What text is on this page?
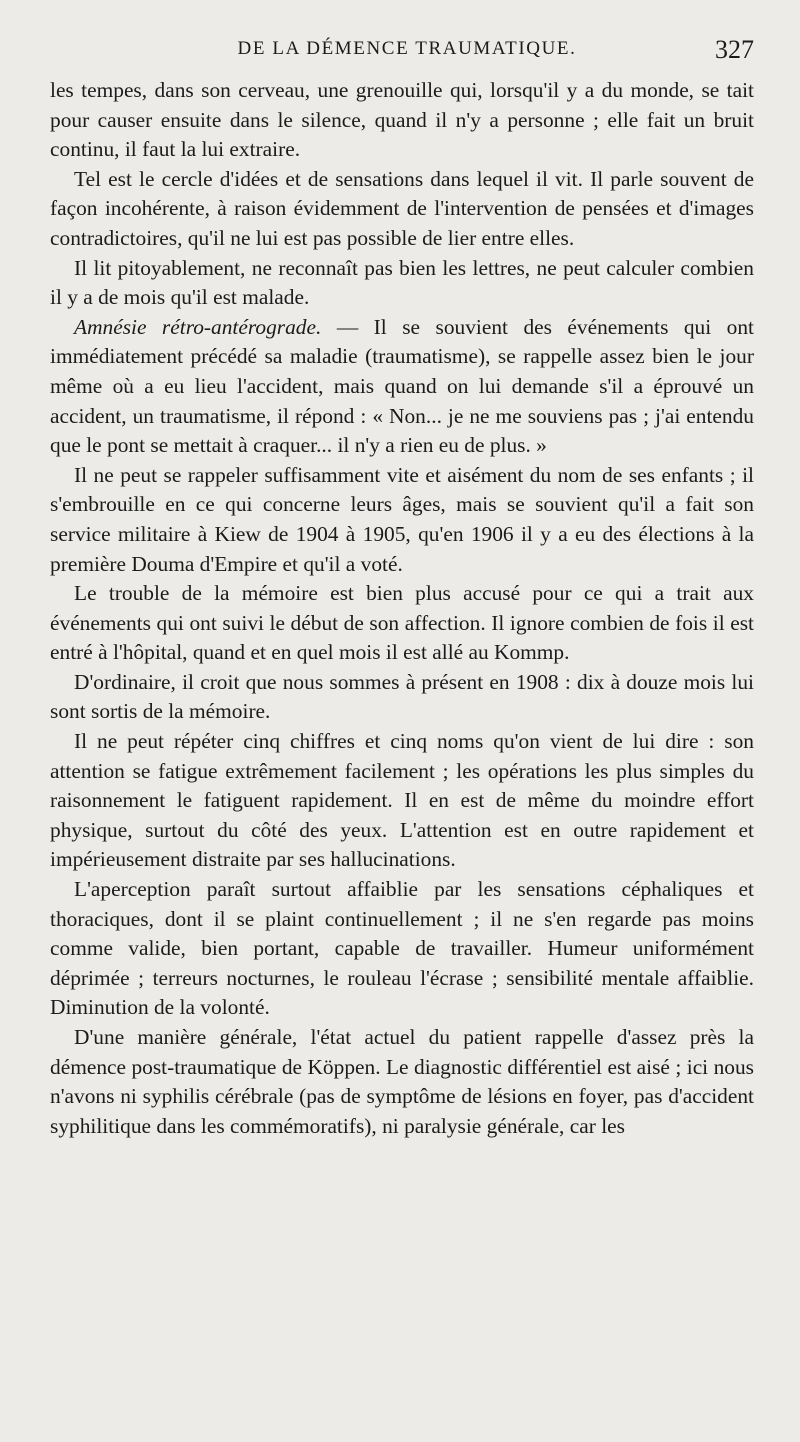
DE LA DÉMENCE TRAUMATIQUE.	327

les tempes, dans son cerveau, une grenouille qui, lorsqu'il y a du monde, se tait pour causer ensuite dans le silence, quand il n'y a personne ; elle fait un bruit continu, il faut la lui extraire.

Tel est le cercle d'idées et de sensations dans lequel il vit. Il parle souvent de façon incohérente, à raison évidemment de l'intervention de pensées et d'images contradictoires, qu'il ne lui est pas possible de lier entre elles.

Il lit pitoyablement, ne reconnaît pas bien les lettres, ne peut calculer combien il y a de mois qu'il est malade.

Amnésie rétro-antérograde. — Il se souvient des événements qui ont immédiatement précédé sa maladie (traumatisme), se rappelle assez bien le jour même où a eu lieu l'accident, mais quand on lui demande s'il a éprouvé un accident, un traumatisme, il répond : « Non... je ne me souviens pas ; j'ai entendu que le pont se mettait à craquer... il n'y a rien eu de plus. »

Il ne peut se rappeler suffisamment vite et aisément du nom de ses enfants ; il s'embrouille en ce qui concerne leurs âges, mais se souvient qu'il a fait son service militaire à Kiew de 1904 à 1905, qu'en 1906 il y a eu des élections à la première Douma d'Empire et qu'il a voté.

Le trouble de la mémoire est bien plus accusé pour ce qui a trait aux événements qui ont suivi le début de son affection. Il ignore combien de fois il est entré à l'hôpital, quand et en quel mois il est allé au Kommp.

D'ordinaire, il croit que nous sommes à présent en 1908 : dix à douze mois lui sont sortis de la mémoire.

Il ne peut répéter cinq chiffres et cinq noms qu'on vient de lui dire : son attention se fatigue extrêmement facilement ; les opérations les plus simples du raisonnement le fatiguent rapidement. Il en est de même du moindre effort physique, surtout du côté des yeux. L'attention est en outre rapidement et impérieusement distraite par ses hallucinations.

L'aperception paraît surtout affaiblie par les sensations céphaliques et thoraciques, dont il se plaint continuellement ; il ne s'en regarde pas moins comme valide, bien portant, capable de travailler. Humeur uniformément déprimée ; terreurs nocturnes, le rouleau l'écrase ; sensibilité mentale affaiblie. Diminution de la volonté.

D'une manière générale, l'état actuel du patient rappelle d'assez près la démence post-traumatique de Köppen. Le diagnostic différentiel est aisé ; ici nous n'avons ni syphilis cérébrale (pas de symptôme de lésions en foyer, pas d'accident syphilitique dans les commémoratifs), ni paralysie générale, car les
